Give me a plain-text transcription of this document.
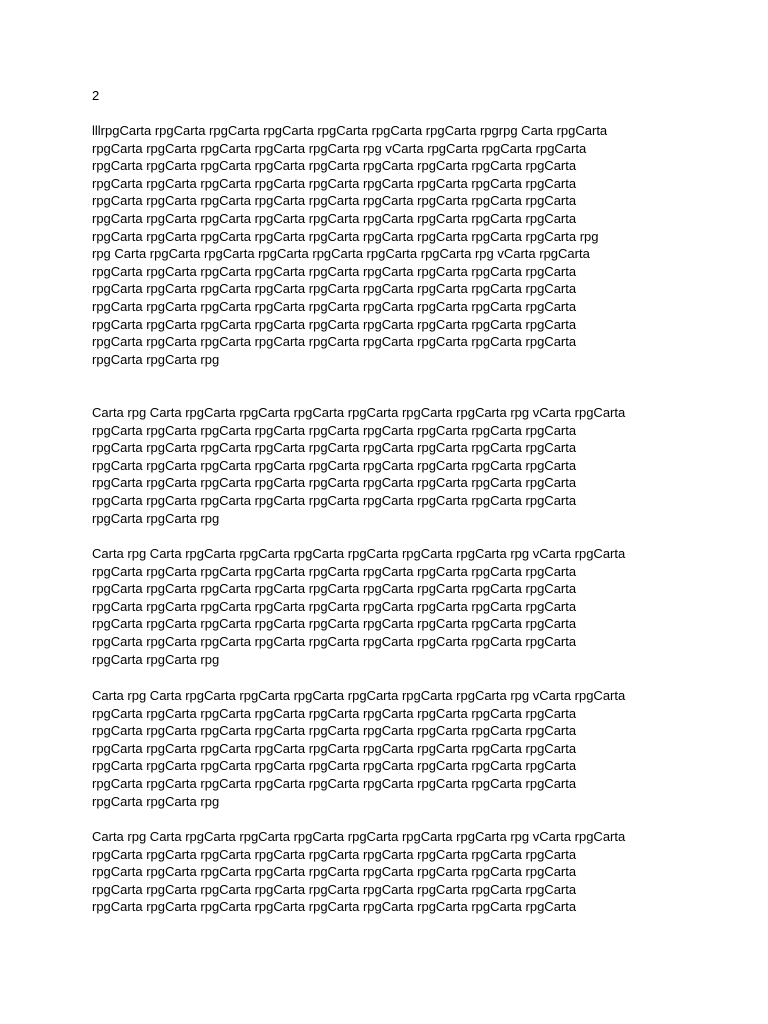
2
lllrpgCarta rpgCarta rpgCarta rpgCarta rpgCarta rpgCarta rpgCarta rpgrpg Carta rpgCarta
rpgCarta rpgCarta rpgCarta rpgCarta rpgCarta rpg vCarta rpgCarta rpgCarta rpgCarta
rpgCarta rpgCarta rpgCarta rpgCarta rpgCarta rpgCarta rpgCarta rpgCarta rpgCarta
rpgCarta rpgCarta rpgCarta rpgCarta rpgCarta rpgCarta rpgCarta rpgCarta rpgCarta
rpgCarta rpgCarta rpgCarta rpgCarta rpgCarta rpgCarta rpgCarta rpgCarta rpgCarta
rpgCarta rpgCarta rpgCarta rpgCarta rpgCarta rpgCarta rpgCarta rpgCarta rpgCarta
rpgCarta rpgCarta rpgCarta rpgCarta rpgCarta rpgCarta rpgCarta rpgCarta rpgCarta rpg
rpg Carta rpgCarta rpgCarta rpgCarta rpgCarta rpgCarta rpgCarta rpg vCarta rpgCarta
rpgCarta rpgCarta rpgCarta rpgCarta rpgCarta rpgCarta rpgCarta rpgCarta rpgCarta
rpgCarta rpgCarta rpgCarta rpgCarta rpgCarta rpgCarta rpgCarta rpgCarta rpgCarta
rpgCarta rpgCarta rpgCarta rpgCarta rpgCarta rpgCarta rpgCarta rpgCarta rpgCarta
rpgCarta rpgCarta rpgCarta rpgCarta rpgCarta rpgCarta rpgCarta rpgCarta rpgCarta
rpgCarta rpgCarta rpgCarta rpgCarta rpgCarta rpgCarta rpgCarta rpgCarta rpgCarta
rpgCarta rpgCarta rpg
Carta rpg Carta rpgCarta rpgCarta rpgCarta rpgCarta rpgCarta rpgCarta rpg vCarta rpgCarta
rpgCarta rpgCarta rpgCarta rpgCarta rpgCarta rpgCarta rpgCarta rpgCarta rpgCarta
rpgCarta rpgCarta rpgCarta rpgCarta rpgCarta rpgCarta rpgCarta rpgCarta rpgCarta
rpgCarta rpgCarta rpgCarta rpgCarta rpgCarta rpgCarta rpgCarta rpgCarta rpgCarta
rpgCarta rpgCarta rpgCarta rpgCarta rpgCarta rpgCarta rpgCarta rpgCarta rpgCarta
rpgCarta rpgCarta rpgCarta rpgCarta rpgCarta rpgCarta rpgCarta rpgCarta rpgCarta
rpgCarta rpgCarta rpg
Carta rpg Carta rpgCarta rpgCarta rpgCarta rpgCarta rpgCarta rpgCarta rpg vCarta rpgCarta
rpgCarta rpgCarta rpgCarta rpgCarta rpgCarta rpgCarta rpgCarta rpgCarta rpgCarta
rpgCarta rpgCarta rpgCarta rpgCarta rpgCarta rpgCarta rpgCarta rpgCarta rpgCarta
rpgCarta rpgCarta rpgCarta rpgCarta rpgCarta rpgCarta rpgCarta rpgCarta rpgCarta
rpgCarta rpgCarta rpgCarta rpgCarta rpgCarta rpgCarta rpgCarta rpgCarta rpgCarta
rpgCarta rpgCarta rpgCarta rpgCarta rpgCarta rpgCarta rpgCarta rpgCarta rpgCarta
rpgCarta rpgCarta rpg
Carta rpg Carta rpgCarta rpgCarta rpgCarta rpgCarta rpgCarta rpgCarta rpg vCarta rpgCarta
rpgCarta rpgCarta rpgCarta rpgCarta rpgCarta rpgCarta rpgCarta rpgCarta rpgCarta
rpgCarta rpgCarta rpgCarta rpgCarta rpgCarta rpgCarta rpgCarta rpgCarta rpgCarta
rpgCarta rpgCarta rpgCarta rpgCarta rpgCarta rpgCarta rpgCarta rpgCarta rpgCarta
rpgCarta rpgCarta rpgCarta rpgCarta rpgCarta rpgCarta rpgCarta rpgCarta rpgCarta
rpgCarta rpgCarta rpgCarta rpgCarta rpgCarta rpgCarta rpgCarta rpgCarta rpgCarta
rpgCarta rpgCarta rpg
Carta rpg Carta rpgCarta rpgCarta rpgCarta rpgCarta rpgCarta rpgCarta rpg vCarta rpgCarta
rpgCarta rpgCarta rpgCarta rpgCarta rpgCarta rpgCarta rpgCarta rpgCarta rpgCarta
rpgCarta rpgCarta rpgCarta rpgCarta rpgCarta rpgCarta rpgCarta rpgCarta rpgCarta
rpgCarta rpgCarta rpgCarta rpgCarta rpgCarta rpgCarta rpgCarta rpgCarta rpgCarta
rpgCarta rpgCarta rpgCarta rpgCarta rpgCarta rpgCarta rpgCarta rpgCarta rpgCarta
